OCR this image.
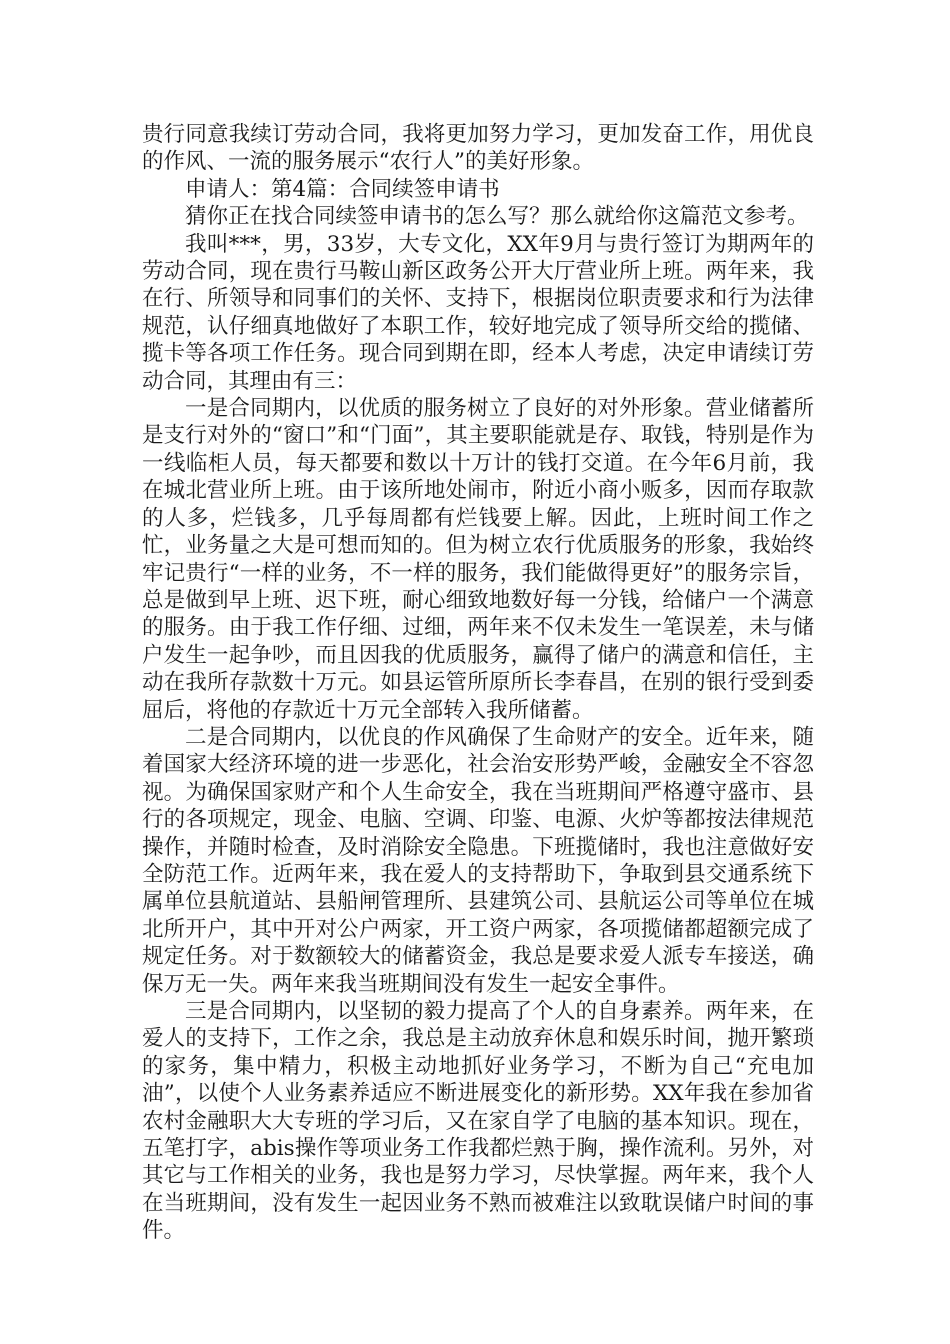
贵行同意我续订劳动合同，我将更加努力学习，更加发奋工作，用优良的作风、一流的服务展示“农行人”的美好形象。

申请人：第4篇：合同续签申请书

猜你正在找合同续签申请书的怎么写？那么就给你这篇范文参考。

我叫***，男，33岁，大专文化，XX年9月与贵行签订为期两年的劳动合同，现在贵行马鞍山新区政务公开大厅营业所上班。两年来，我在行、所领导和同事们的关怀、支持下，根据岗位职责要求和行为法律规范，认仔细真地做好了本职工作，较好地完成了领导所交给的揽储、揽卡等各项工作任务。现合同到期在即，经本人考虑，决定申请续订劳动合同，其理由有三：

一是合同期内，以优质的服务树立了良好的对外形象。营业储蓄所是支行对外的“窗口”和“门面”，其主要职能就是存、取钱，特别是作为一线临柜人员，每天都要和数以十万计的钱打交道。在今年6月前，我在城北营业所上班。由于该所地处闹市，附近小商小贩多，因而存取款的人多，烂钱多，几乎每周都有烂钱要上解。因此，上班时间工作之忙，业务量之大是可想而知的。但为树立农行优质服务的形象，我始终牢记贵行“一样的业务，不一样的服务，我们能做得更好”的服务宗旨，总是做到早上班、迟下班，耐心细致地数好每一分钱，给储户一个满意的服务。由于我工作仔细、过细，两年来不仅未发生一笔误差，未与储户发生一起争吵，而且因我的优质服务，赢得了储户的满意和信任，主动在我所存款数十万元。如县运管所原所长李春昌，在别的银行受到委屈后，将他的存款近十万元全部转入我所储蓄。

二是合同期内，以优良的作风确保了生命财产的安全。近年来，随着国家大经济环境的进一步恶化，社会治安形势严峻，金融安全不容忽视。为确保国家财产和个人生命安全，我在当班期间严格遵守盛市、县行的各项规定，现金、电脑、空调、印鉴、电源、火炉等都按法律规范操作，并随时检查，及时消除安全隐患。下班揽储时，我也注意做好安全防范工作。近两年来，我在爱人的支持帮助下，争取到县交通系统下属单位县航道站、县船闸管理所、县建筑公司、县航运公司等单位在城北所开户，其中开对公户两家，开工资户两家，各项揽储都超额完成了规定任务。对于数额较大的储蓄资金，我总是要求爱人派专车接送，确保万无一失。两年来我当班期间没有发生一起安全事件。

三是合同期内，以坚韧的毅力提高了个人的自身素养。两年来，在爱人的支持下，工作之余，我总是主动放弃休息和娱乐时间，抛开繁琐的家务，集中精力，积极主动地抓好业务学习，不断为自己“充电加油”，以使个人业务素养适应不断进展变化的新形势。XX年我在参加省农村金融职大大专班的学习后，又在家自学了电脑的基本知识。现在，五笔打字，abis操作等项业务工作我都烂熟于胸，操作流利。另外，对其它与工作相关的业务，我也是努力学习，尽快掌握。两年来，我个人在当班期间，没有发生一起因业务不熟而被难注以致耽误储户时间的事件。
